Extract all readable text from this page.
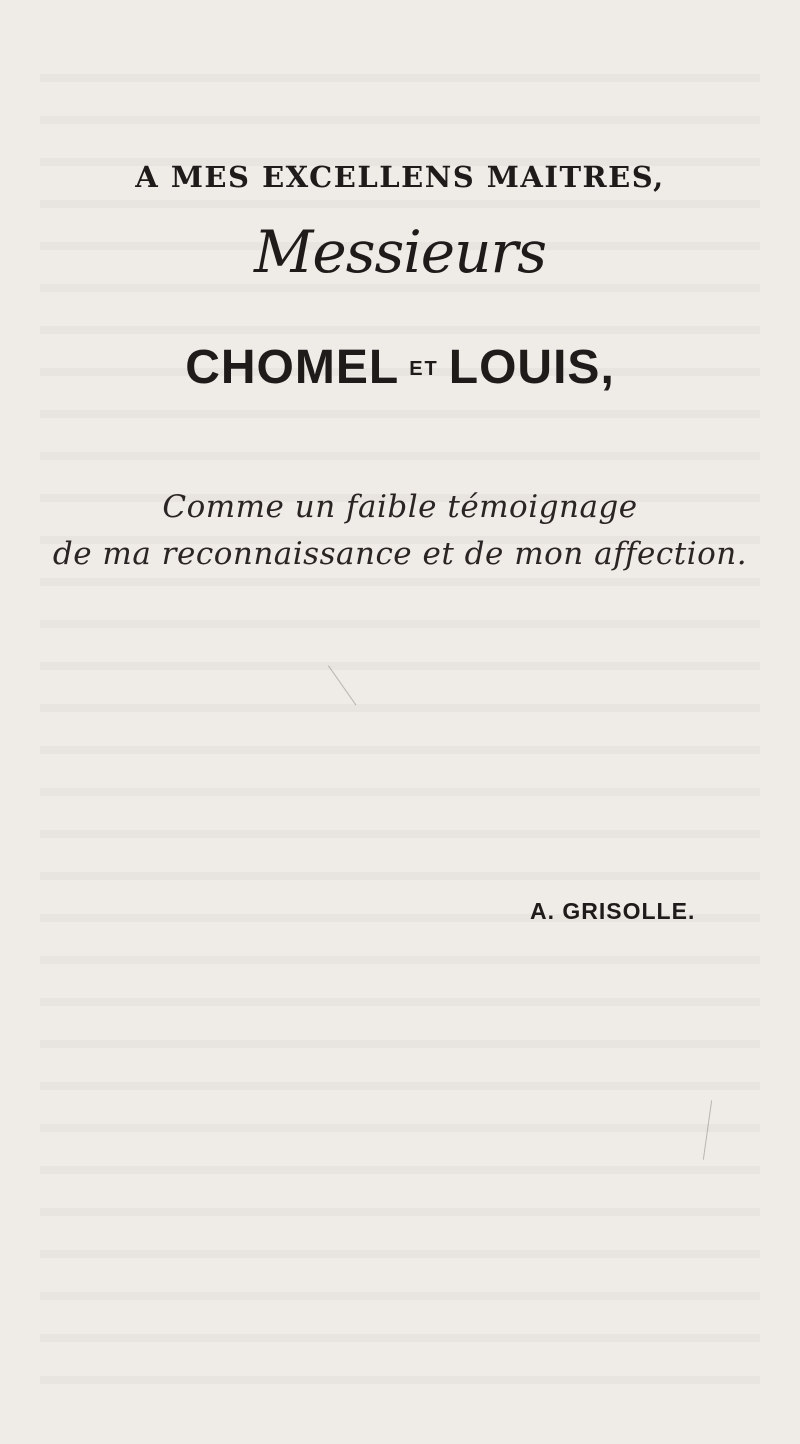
A MES EXCELLENS MAITRES,
Messieurs
CHOMEL ET LOUIS,
Comme un faible témoignage
de ma reconnaissance et de mon affection.
A. GRISOLLE.
